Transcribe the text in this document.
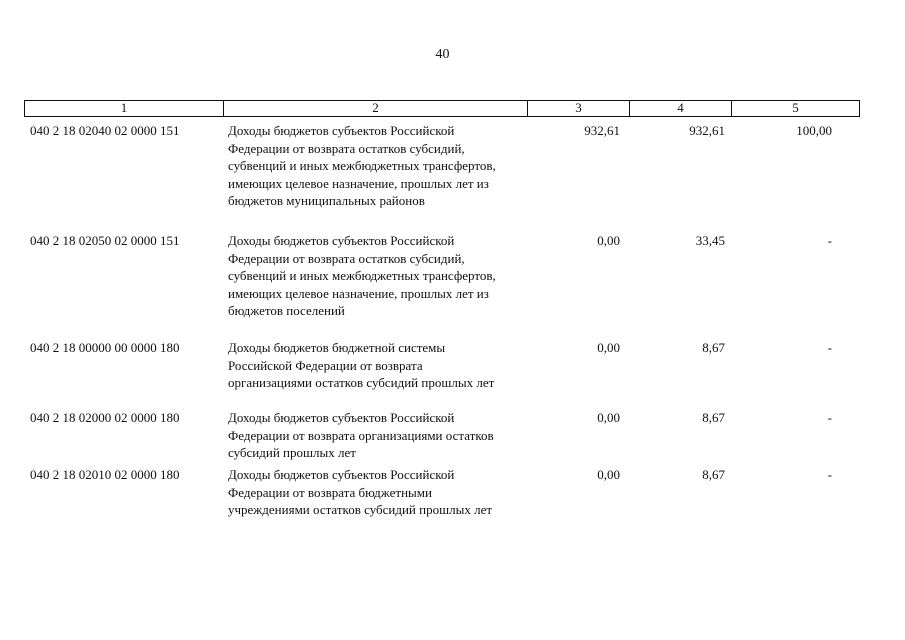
40
1	2	3	4	5
040 2 18 02040 02 0000 151	Доходы бюджетов субъектов Российской
Федерации от возврата остатков субсидий,
субвенций и иных межбюджетных трансфертов,
имеющих целевое назначение, прошлых лет из
бюджетов муниципальных районов
932,61	932,61	100,00
040 2 18 02050 02 0000 151	Доходы бюджетов субъектов Российской
Федерации от возврата остатков субсидий,
субвенций и иных межбюджетных трансфертов,
имеющих целевое назначение, прошлых лет из
бюджетов поселений
0,00	33,45	-
040 2 18 00000 00 0000 180	Доходы бюджетов бюджетной системы
Российской Федерации от возврата
организациями остатков субсидий прошлых лет
0,00	8,67	-
040 2 18 02000 02 0000 180	Доходы бюджетов субъектов Российской
Федерации от возврата организациями остатков
субсидий прошлых лет
0,00	8,67	-
040 2 18 02010 02 0000 180	Доходы бюджетов субъектов Российской
Федерации от возврата бюджетными
учреждениями остатков субсидий прошлых лет
0,00	8,67	-
